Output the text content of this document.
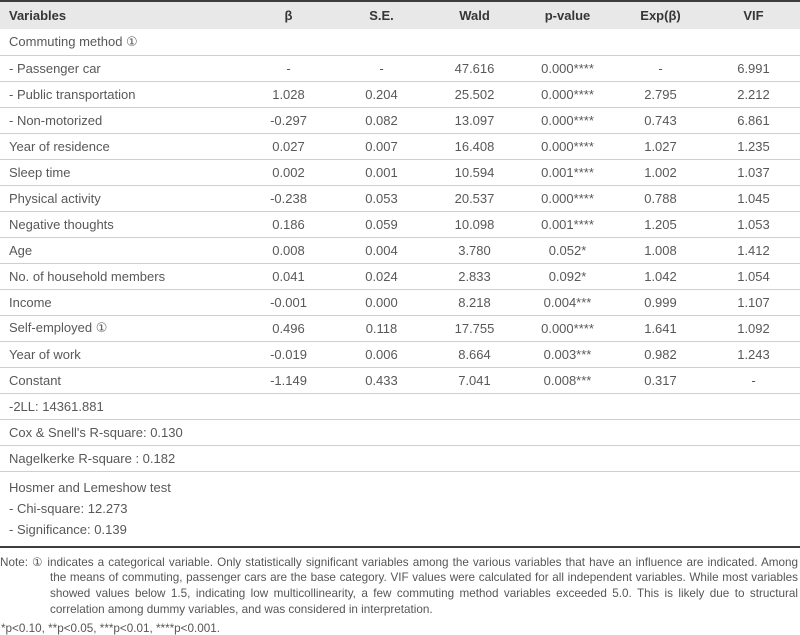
Variables	β	S.E.	Wald	p-value	Exp(β)	VIF
Commuting method ①						
- Passenger car	-	-	47.616	0.000****	-	6.991
- Public transportation	1.028	0.204	25.502	0.000****	2.795	2.212
- Non-motorized	-0.297	0.082	13.097	0.000****	0.743	6.861
Year of residence	0.027	0.007	16.408	0.000****	1.027	1.235
Sleep time	0.002	0.001	10.594	0.001****	1.002	1.037
Physical activity	-0.238	0.053	20.537	0.000****	0.788	1.045
Negative thoughts	0.186	0.059	10.098	0.001****	1.205	1.053
Age	0.008	0.004	3.780	0.052*	1.008	1.412
No. of household members	0.041	0.024	2.833	0.092*	1.042	1.054
Income	-0.001	0.000	8.218	0.004***	0.999	1.107
Self-employed ①	0.496	0.118	17.755	0.000****	1.641	1.092
Year of work	-0.019	0.006	8.664	0.003***	0.982	1.243
Constant	-1.149	0.433	7.041	0.008***	0.317	-
-2LL: 14361.881						
Cox & Snell's R-square: 0.130						
Nagelkerke R-square : 0.182						

Hosmer and Lemeshow test
- Chi-square: 12.273
- Significance: 0.139						

Note: ① indicates a categorical variable. Only statistically significant variables among the various variables that have an influence are indicated. Among the means of commuting, passenger cars are the base category. VIF values were calculated for all independent variables. While most variables showed values below 1.5, indicating low multicollinearity, a few commuting method variables exceeded 5.0. This is likely due to structural correlation among dummy variables, and was considered in interpretation.

*p<0.10, **p<0.05, ***p<0.01, ****p<0.001.
